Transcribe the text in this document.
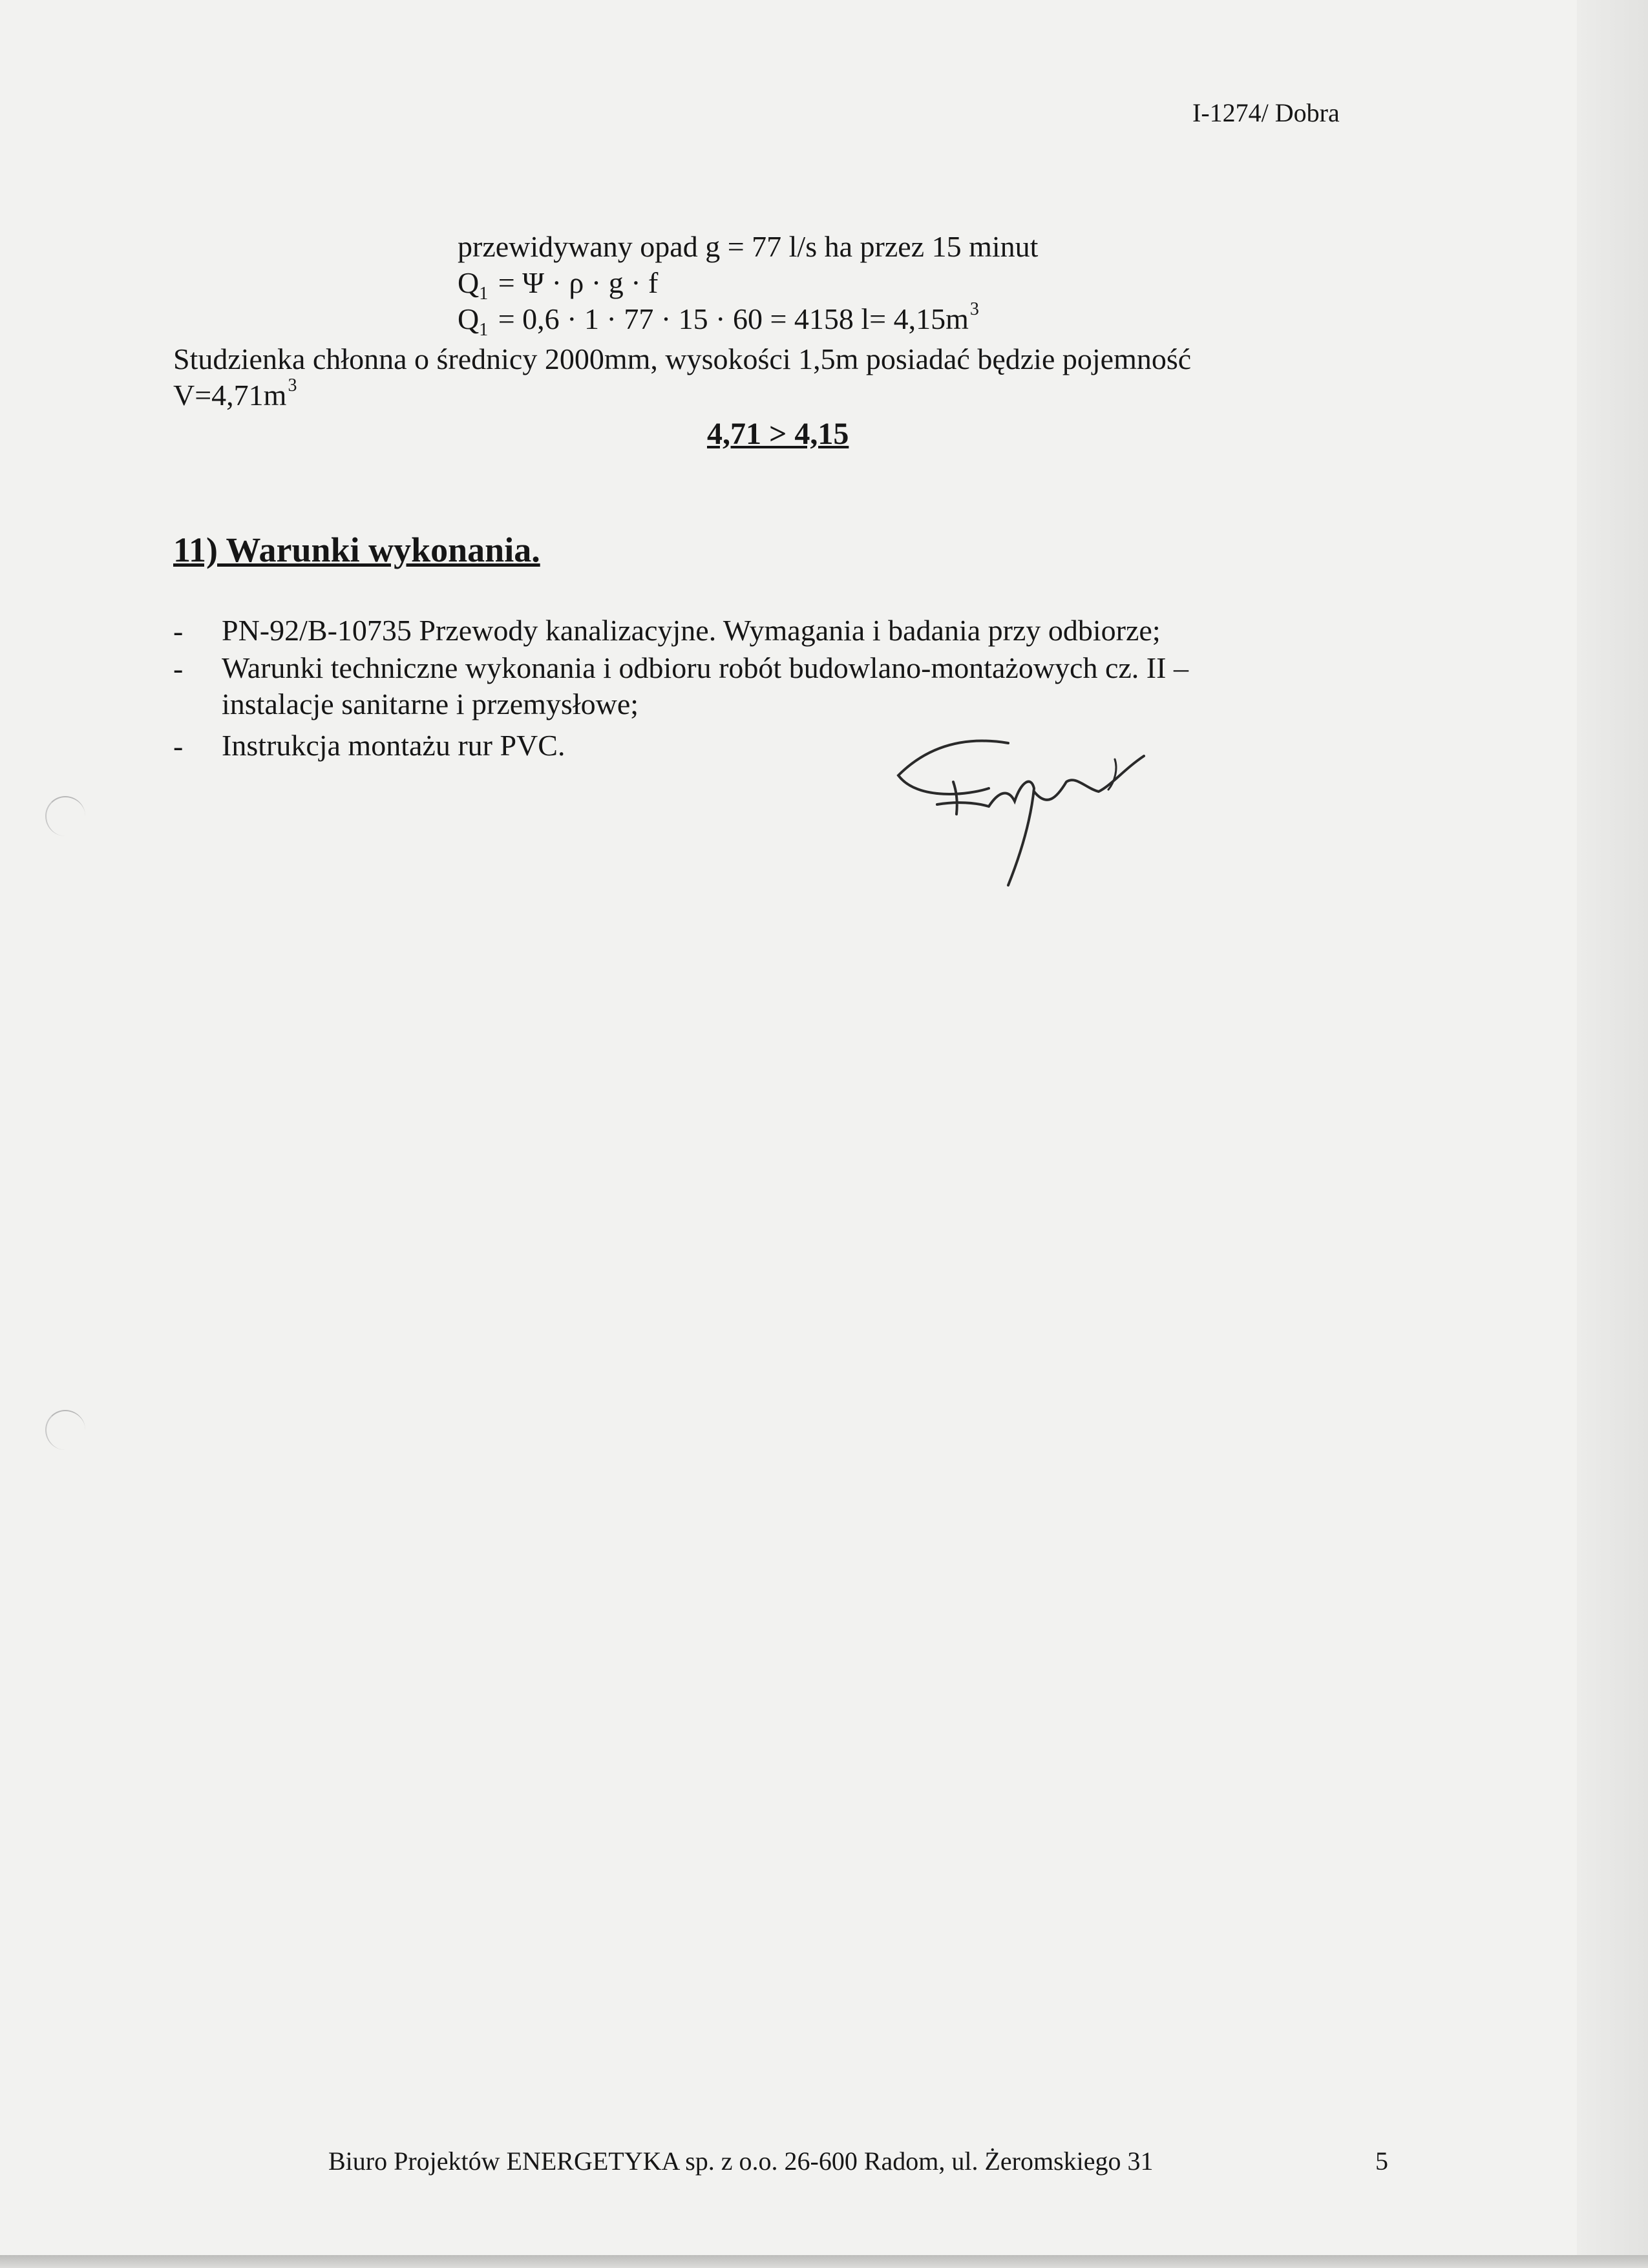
I-1274/ Dobra
przewidywany opad g = 77 l/s ha przez 15 minut
$Q_1 = \Psi \cdot \rho \cdot g \cdot f$
$Q_1 = 0,6 \cdot 1 \cdot 77 \cdot 15 \cdot 60 = 4158$ $l= 4,15m^3$
Studzienka chłonna o średnicy 2000mm, wysokości 1,5m posiadać będzie pojemność
$V=4,71m^3$
4,71 > 4,15
11) Warunki wykonania.
- PN-92/B-10735 Przewody kanalizacyjne. Wymagania i badania przy odbiorze;
- Warunki techniczne wykonania i odbioru robót budowlano-montażowych cz. II –
instalacje sanitarne i przemysłowe;
- Instrukcja montażu rur PVC.
Biuro Projektów ENERGETYKA sp. z o.o. 26-600 Radom, ul. Żeromskiego 31	5
